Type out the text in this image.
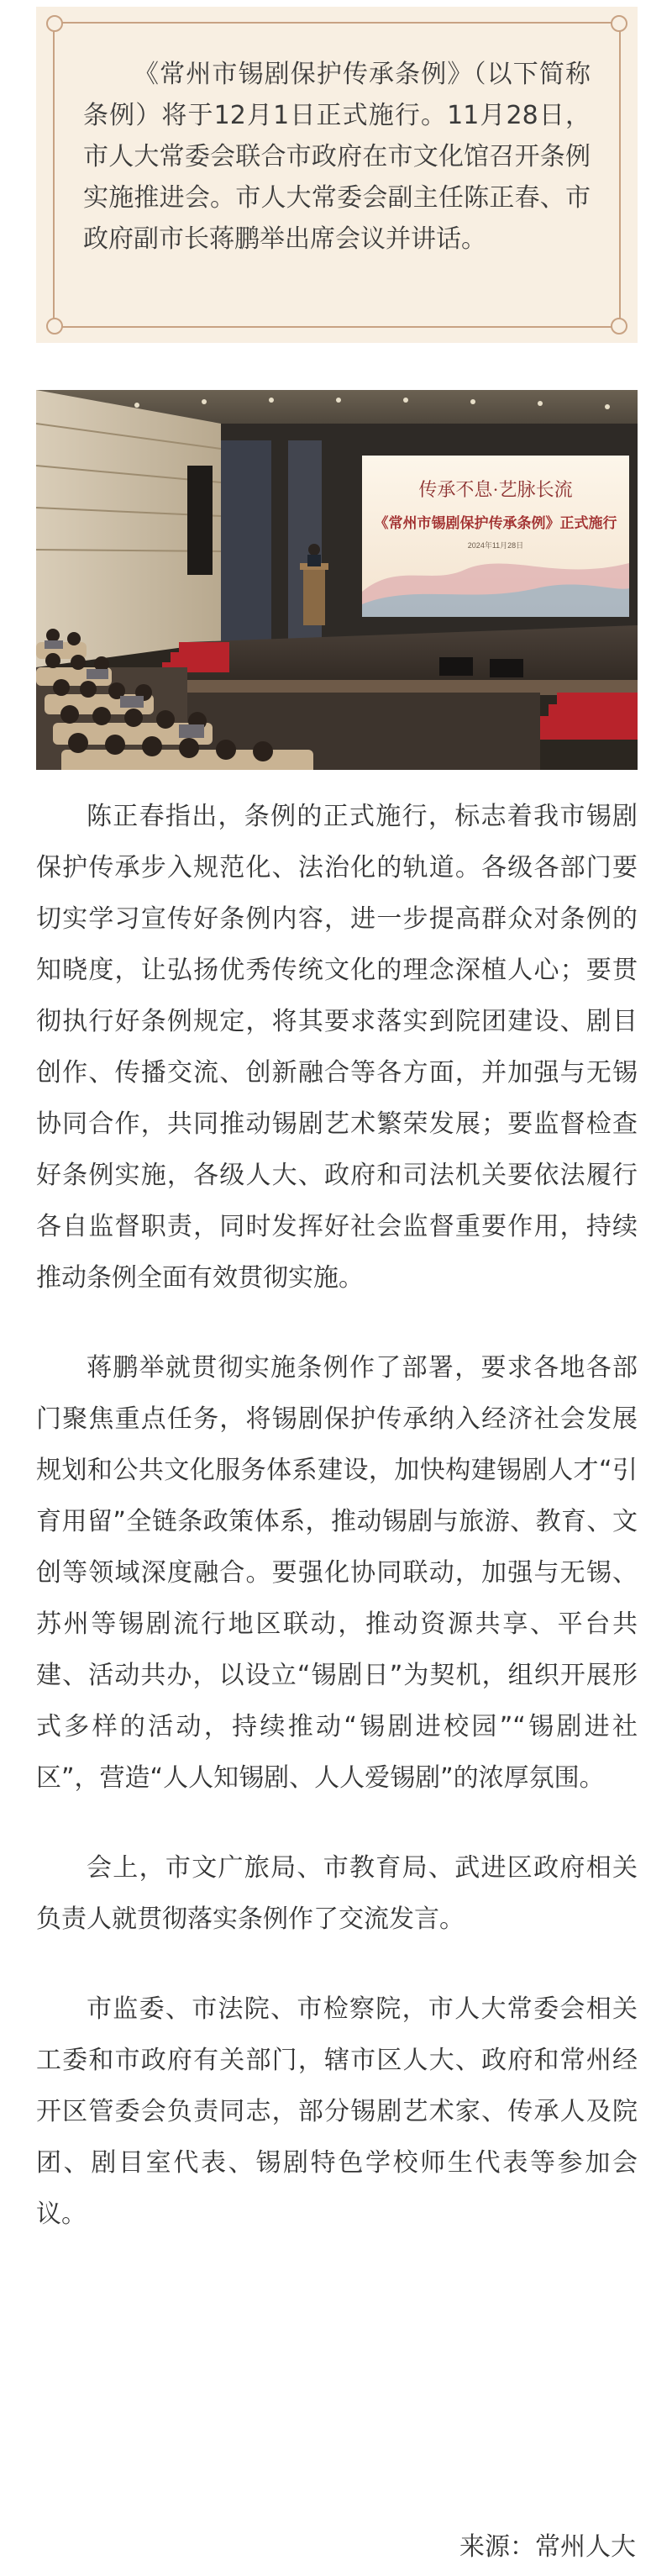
《常州市锡剧保护传承条例》（以下简称条例）将于12月1日正式施行。11月28日，市人大常委会联合市政府在市文化馆召开条例实施推进会。市人大常委会副主任陈正春、市政府副市长蒋鹏举出席会议并讲话。

传承不息·艺脉长流
《常州市锡剧保护传承条例》正式施行
2024年11月28日

陈正春指出，条例的正式施行，标志着我市锡剧保护传承步入规范化、法治化的轨道。各级各部门要切实学习宣传好条例内容，进一步提高群众对条例的知晓度，让弘扬优秀传统文化的理念深植人心；要贯彻执行好条例规定，将其要求落实到院团建设、剧目创作、传播交流、创新融合等各方面，并加强与无锡协同合作，共同推动锡剧艺术繁荣发展；要监督检查好条例实施，各级人大、政府和司法机关要依法履行各自监督职责，同时发挥好社会监督重要作用，持续推动条例全面有效贯彻实施。

蒋鹏举就贯彻实施条例作了部署，要求各地各部门聚焦重点任务，将锡剧保护传承纳入经济社会发展规划和公共文化服务体系建设，加快构建锡剧人才“引育用留”全链条政策体系，推动锡剧与旅游、教育、文创等领域深度融合。要强化协同联动，加强与无锡、苏州等锡剧流行地区联动，推动资源共享、平台共建、活动共办，以设立“锡剧日”为契机，组织开展形式多样的活动，持续推动“锡剧进校园”“锡剧进社区”，营造“人人知锡剧、人人爱锡剧”的浓厚氛围。

会上，市文广旅局、市教育局、武进区政府相关负责人就贯彻落实条例作了交流发言。

市监委、市法院、市检察院，市人大常委会相关工委和市政府有关部门，辖市区人大、政府和常州经开区管委会负责同志，部分锡剧艺术家、传承人及院团、剧目室代表、锡剧特色学校师生代表等参加会议。

来源：常州人大
